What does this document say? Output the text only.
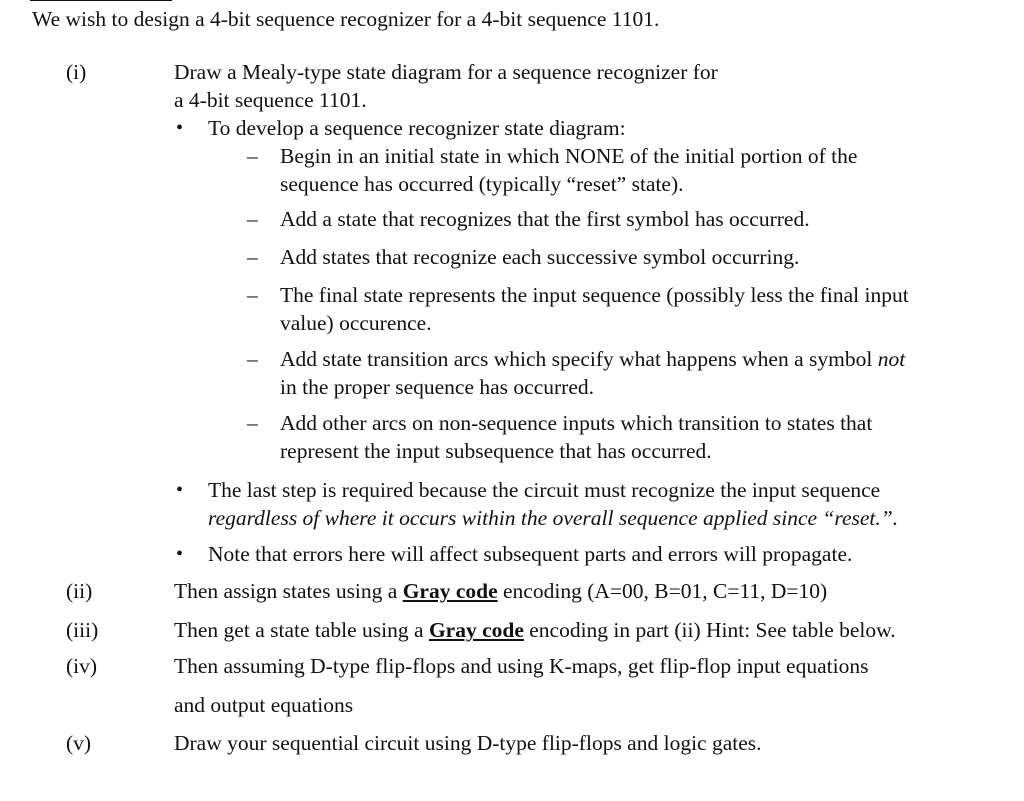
We wish to design a 4-bit sequence recognizer for a 4-bit sequence 1101.
(i)	Draw a Mealy-type state diagram for a sequence recognizer for
a 4-bit sequence 1101.
• To develop a sequence recognizer state diagram:
– Begin in an initial state in which NONE of the initial portion of the
sequence has occurred (typically “reset” state).
– Add a state that recognizes that the first symbol has occurred.
– Add states that recognize each successive symbol occurring.
– The final state represents the input sequence (possibly less the final input
value) occurence.
– Add state transition arcs which specify what happens when a symbol not
in the proper sequence has occurred.
– Add other arcs on non-sequence inputs which transition to states that
represent the input subsequence that has occurred.
• The last step is required because the circuit must recognize the input sequence
regardless of where it occurs within the overall sequence applied since “reset.”.
• Note that errors here will affect subsequent parts and errors will propagate.
(ii)	Then assign states using a Gray code encoding (A=00, B=01, C=11, D=10)
(iii)	Then get a state table using a Gray code encoding in part (ii) Hint: See table below.
(iv)	Then assuming D-type flip-flops and using K-maps, get flip-flop input equations
and output equations
(v)	Draw your sequential circuit using D-type flip-flops and logic gates.
